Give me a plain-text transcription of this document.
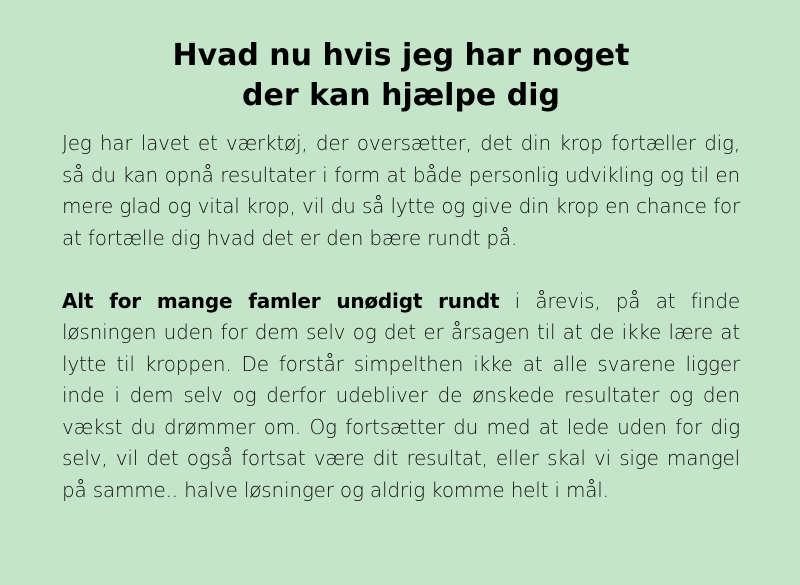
Hvad nu hvis jeg har noget
der kan hjælpe dig

Jeg har lavet et værktøj, der oversætter, det din krop fortæller dig, så du kan opnå resultater i form at både personlig udvikling og til en mere glad og vital krop, vil du så lytte og give din krop en chance for at fortælle dig hvad det er den bære rundt på.

Alt for mange famler unødigt rundt i årevis, på at finde løsningen uden for dem selv og det er årsagen til at de ikke lære at lytte til kroppen. De forstår simpelthen ikke at alle svarene ligger inde i dem selv og derfor udebliver de ønskede resultater og den vækst du drømmer om. Og fortsætter du med at lede uden for dig selv, vil det også fortsat være dit resultat, eller skal vi sige mangel på samme.. halve løsninger og aldrig komme helt i mål.
